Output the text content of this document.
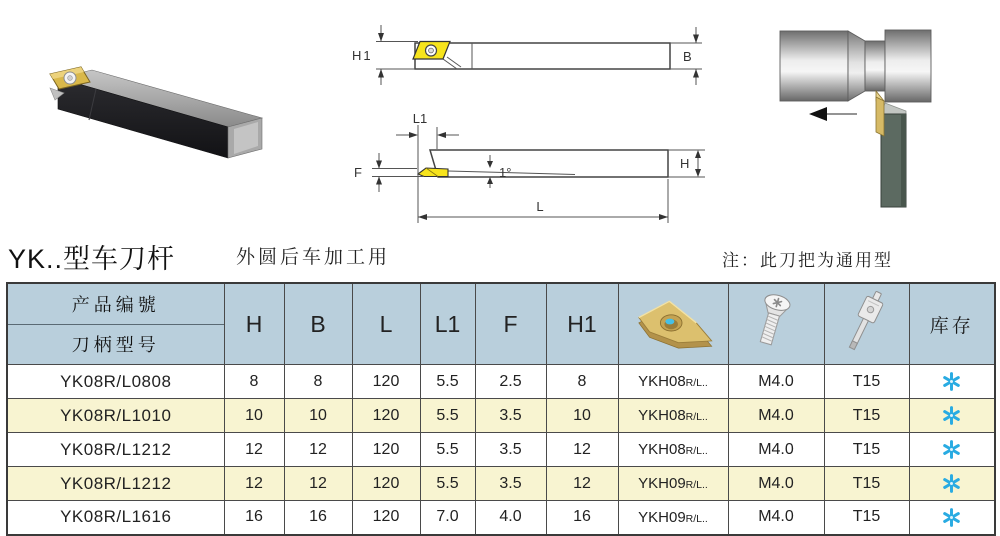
H1	B
L1
F	1°
H
L
YK..型车刀杆	外圆后车加工用	注：此刀把为通用型
产品编號
刀柄型号	H	B	L	L1	F	H1				库存
YK08R/L0808	8	8	120	5.5	2.5	8	YKH08R/L..	M4.0	T15	
YK08R/L1010	10	10	120	5.5	3.5	10	YKH08R/L..	M4.0	T15	
YK08R/L1212	12	12	120	5.5	3.5	12	YKH08R/L..	M4.0	T15	
YK08R/L1212	12	12	120	5.5	3.5	12	YKH09R/L..	M4.0	T15	
YK08R/L1616	16	16	120	7.0	4.0	16	YKH09R/L..	M4.0	T15	
